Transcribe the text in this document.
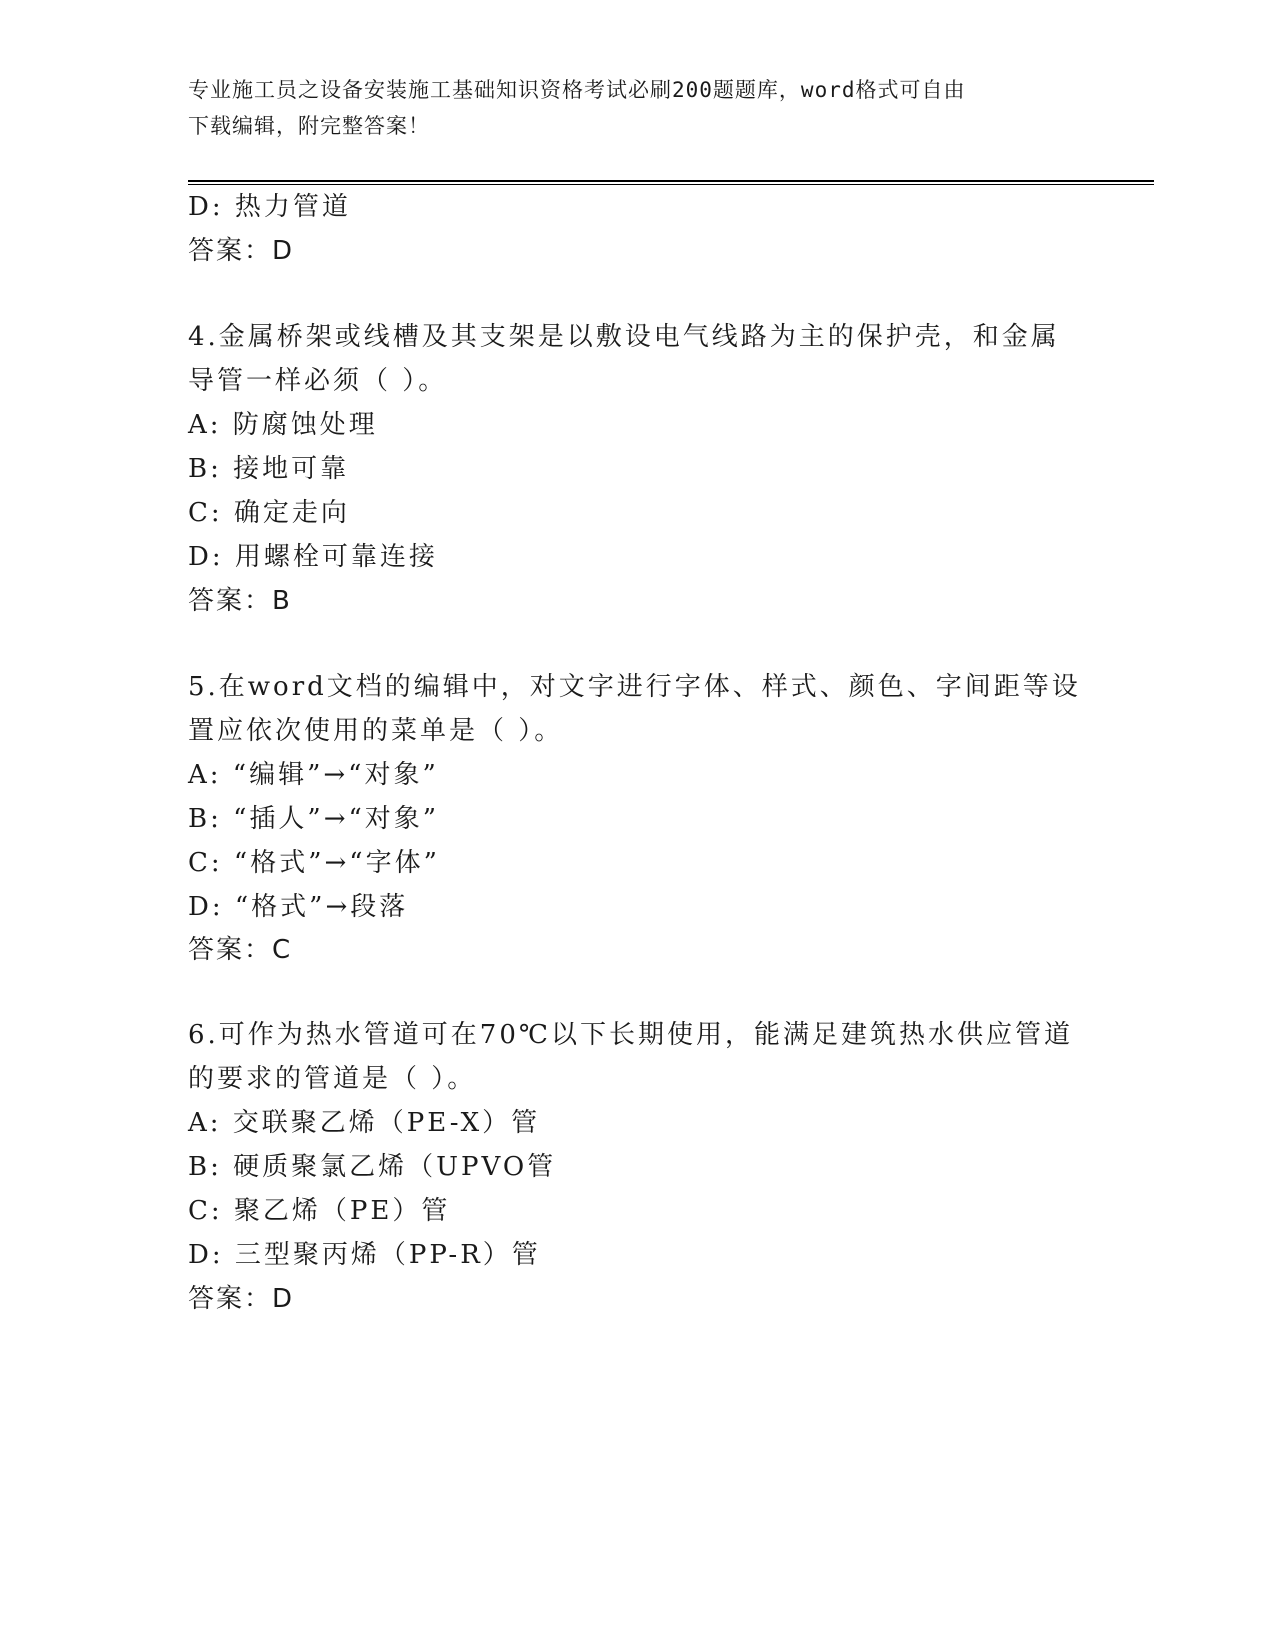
专业施工员之设备安装施工基础知识资格考试必刷200题题库，word格式可自由
下载编辑，附完整答案！
D: 热力管道
答案：D
4.金属桥架或线槽及其支架是以敷设电气线路为主的保护壳，和金属
导管一样必须（ ）。
A: 防腐蚀处理
B: 接地可靠
C: 确定走向
D: 用螺栓可靠连接
答案：B
5.在word文档的编辑中，对文字进行字体、样式、颜色、字间距等设
置应依次使用的菜单是（ ）。
A: “编辑”→“对象”
B: “插人”→“对象”
C: “格式”→“字体”
D: “格式”→段落
答案：C
6.可作为热水管道可在70℃以下长期使用，能满足建筑热水供应管道
的要求的管道是（ ）。
A: 交联聚乙烯（PE-X）管
B: 硬质聚氯乙烯（UPVO管
C: 聚乙烯（PE）管
D: 三型聚丙烯（PP-R）管
答案：D
